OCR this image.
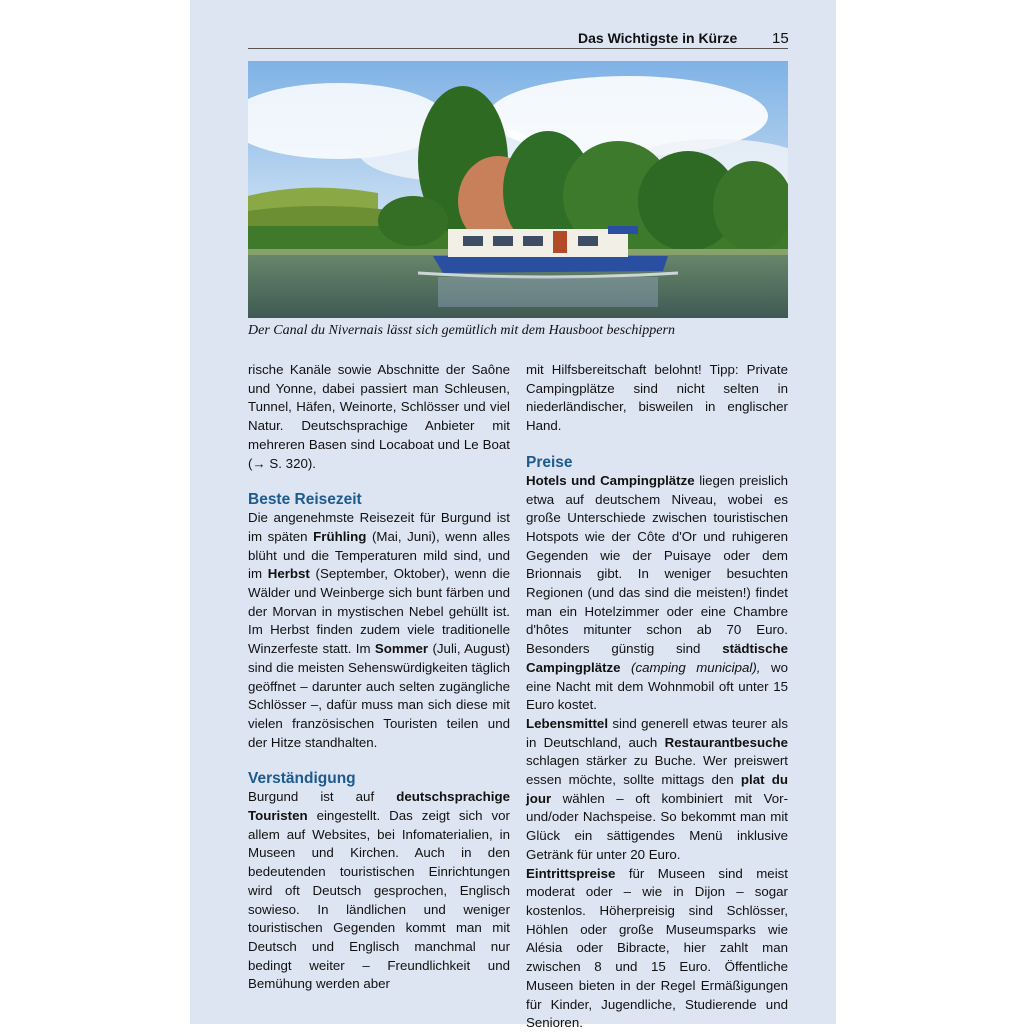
Das Wichtigste in Kürze 15
Der Canal du Nivernais lässt sich gemütlich mit dem Hausboot beschippern

rische Kanäle sowie Abschnitte der Saône und Yonne, dabei passiert man Schleusen, Tunnel, Häfen, Weinorte, Schlösser und viel Natur. Deutschsprachige Anbieter mit mehreren Basen sind Locaboat und Le Boat (→ S. 320).

Beste Reisezeit

Die angenehmste Reisezeit für Burgund ist im späten Frühling (Mai, Juni), wenn alles blüht und die Temperaturen mild sind, und im Herbst (September, Oktober), wenn die Wälder und Weinberge sich bunt färben und der Morvan in mystischen Nebel gehüllt ist. Im Herbst finden zudem viele traditionelle Winzerfeste statt. Im Sommer (Juli, August) sind die meisten Sehenswürdigkeiten täglich geöffnet – darunter auch selten zugängliche Schlösser –, dafür muss man sich diese mit vielen französischen Touristen teilen und der Hitze standhalten.

Verständigung

Burgund ist auf deutschsprachige Touristen eingestellt. Das zeigt sich vor allem auf Websites, bei Infomaterialien, in Museen und Kirchen. Auch in den bedeutenden touristischen Einrichtungen wird oft Deutsch gesprochen, Englisch sowieso. In ländlichen und weniger touristischen Gegenden kommt man mit Deutsch und Englisch manchmal nur bedingt weiter – Freundlichkeit und Bemühung werden aber

mit Hilfsbereitschaft belohnt! Tipp: Private Campingplätze sind nicht selten in niederländischer, bisweilen in englischer Hand.

Preise

Hotels und Campingplätze liegen preislich etwa auf deutschem Niveau, wobei es große Unterschiede zwischen touristischen Hotspots wie der Côte d'Or und ruhigeren Gegenden wie der Puisaye oder dem Brionnais gibt. In weniger besuchten Regionen (und das sind die meisten!) findet man ein Hotelzimmer oder eine Chambre d'hôtes mitunter schon ab 70 Euro. Besonders günstig sind städtische Campingplätze (camping municipal), wo eine Nacht mit dem Wohnmobil oft unter 15 Euro kostet.

Lebensmittel sind generell etwas teurer als in Deutschland, auch Restaurantbesuche schlagen stärker zu Buche. Wer preiswert essen möchte, sollte mittags den plat du jour wählen – oft kombiniert mit Vor- und/oder Nachspeise. So bekommt man mit Glück ein sättigendes Menü inklusive Getränk für unter 20 Euro.

Eintrittspreise für Museen sind meist moderat oder – wie in Dijon – sogar kostenlos. Höherpreisig sind Schlösser, Höhlen oder große Museumsparks wie Alésia oder Bibracte, hier zahlt man zwischen 8 und 15 Euro. Öffentliche Museen bieten in der Regel Ermäßigungen für Kinder, Jugendliche, Studierende und Senioren.
